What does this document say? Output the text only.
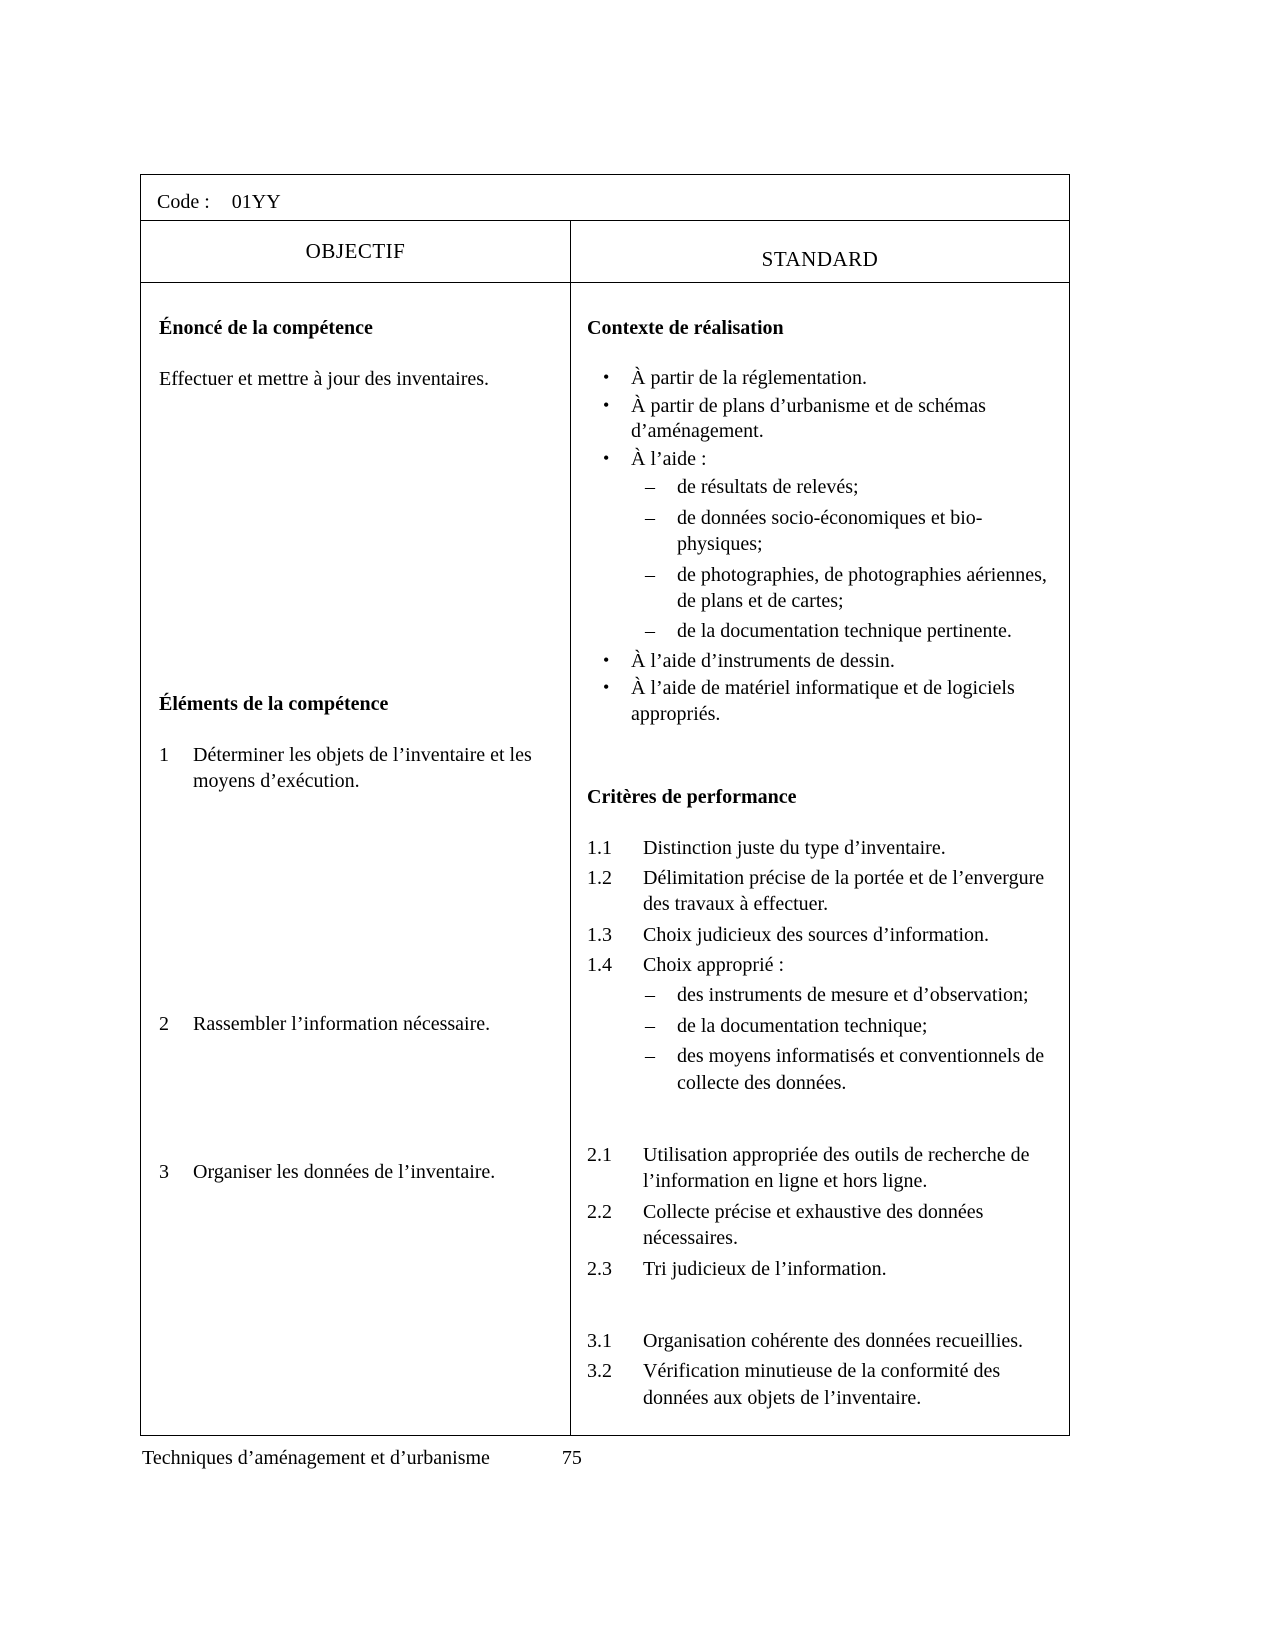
Code :	01YY
OBJECTIF	STANDARD

Énoncé de la compétence

Effectuer et mettre à jour des inventaires.

Éléments de la compétence

1	Déterminer les objets de l’inventaire et les moyens d’exécution.
2	Rassembler l’information nécessaire.
3	Organiser les données de l’inventaire.

Contexte de réalisation

• À partir de la réglementation.
• À partir de plans d’urbanisme et de schémas d’aménagement.
• À l’aide :
– de résultats de relevés;
– de données socio-économiques et bio-physiques;
– de photographies, de photographies aériennes, de plans et de cartes;
– de la documentation technique pertinente.
• À l’aide d’instruments de dessin.
• À l’aide de matériel informatique et de logiciels appropriés.

Critères de performance

1.1	Distinction juste du type d’inventaire.
1.2	Délimitation précise de la portée et de l’envergure des travaux à effectuer.
1.3	Choix judicieux des sources d’information.
1.4	Choix approprié :
– des instruments de mesure et d’observation;
– de la documentation technique;
– des moyens informatisés et conventionnels de collecte des données.
2.1	Utilisation appropriée des outils de recherche de l’information en ligne et hors ligne.
2.2	Collecte précise et exhaustive des données nécessaires.
2.3	Tri judicieux de l’information.
3.1	Organisation cohérente des données recueillies.
3.2	Vérification minutieuse de la conformité des données aux objets de l’inventaire.
Techniques d’aménagement et d’urbanisme	75
